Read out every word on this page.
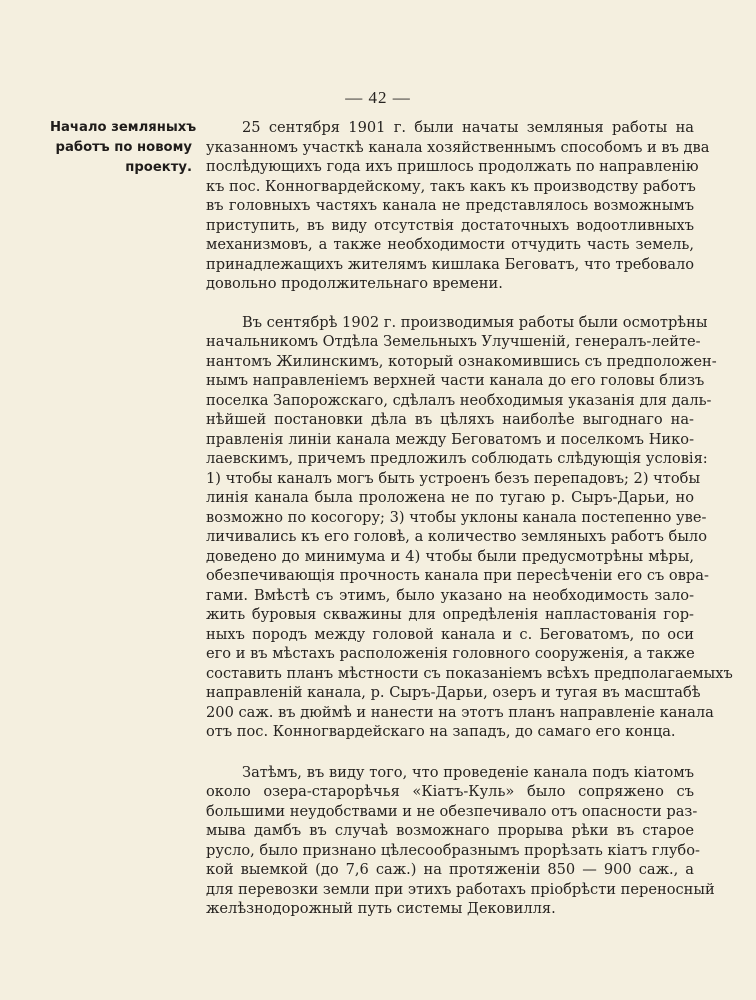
— 42 —
Начало земляныхъ
работъ по новому
проекту.
25 сентября 1901 г. были начаты земляныя работы на
указанномъ участкѣ канала хозяйственнымъ способомъ и въ два
послѣдующихъ года ихъ пришлось продолжать по направленію
къ пос. Конногвардейскому, такъ какъ къ производству работъ
въ головныхъ частяхъ канала не представлялось возможнымъ
приступить, въ виду отсутствія достаточныхъ водоотливныхъ
механизмовъ, а также необходимости отчудить часть земель,
принадлежащихъ жителямъ кишлака Беговатъ, что требовало
довольно продолжительнаго времени.
Въ сентябрѣ 1902 г. производимыя работы были осмотрѣны
начальникомъ Отдѣла Земельныхъ Улучшеній, генералъ-лейте-
нантомъ Жилинскимъ, который ознакомившись съ предположен-
нымъ направленіемъ верхней части канала до его головы близъ
поселка Запорожскаго, сдѣлалъ необходимыя указанія для даль-
нѣйшей постановки дѣла въ цѣляхъ наиболѣе выгоднаго на-
правленія линіи канала между Беговатомъ и поселкомъ Нико-
лаевскимъ, причемъ предложилъ соблюдать слѣдующія условія:
1) чтобы каналъ могъ быть устроенъ безъ перепадовъ; 2) чтобы
линія канала была проложена не по тугаю р. Сыръ-Дарьи, но
возможно по косогору; 3) чтобы уклоны канала постепенно уве-
личивались къ его головѣ, а количество земляныхъ работъ было
доведено до минимума и 4) чтобы были предусмотрѣны мѣры,
обезпечивающія прочность канала при пересѣченіи его съ овра-
гами. Вмѣстѣ съ этимъ, было указано на необходимость зало-
жить буровыя скважины для опредѣленія напластованія гор-
ныхъ породъ между головой канала и с. Беговатомъ, по оси
его и въ мѣстахъ расположенія головного сооруженія, а также
составить планъ мѣстности съ показаніемъ всѣхъ предполагаемыхъ
направленій канала, р. Сыръ-Дарьи, озеръ и тугая въ масштабѣ
200 саж. въ дюймѣ и нанести на этотъ планъ направленіе канала
отъ пос. Конногвардейскаго на западъ, до самаго его конца.
Затѣмъ, въ виду того, что проведеніе канала подъ кіатомъ
около озера-старорѣчья «Кіатъ-Куль» было сопряжено съ
большими неудобствами и не обезпечивало отъ опасности раз-
мыва дамбъ въ случаѣ возможнаго прорыва рѣки въ старое
русло, было признано цѣлесообразнымъ прорѣзать кіатъ глубо-
кой выемкой (до 7,6 саж.) на протяженіи 850 — 900 саж., а
для перевозки земли при этихъ работахъ пріобрѣсти переносный
желѣзнодорожный путь системы Дековилля.
